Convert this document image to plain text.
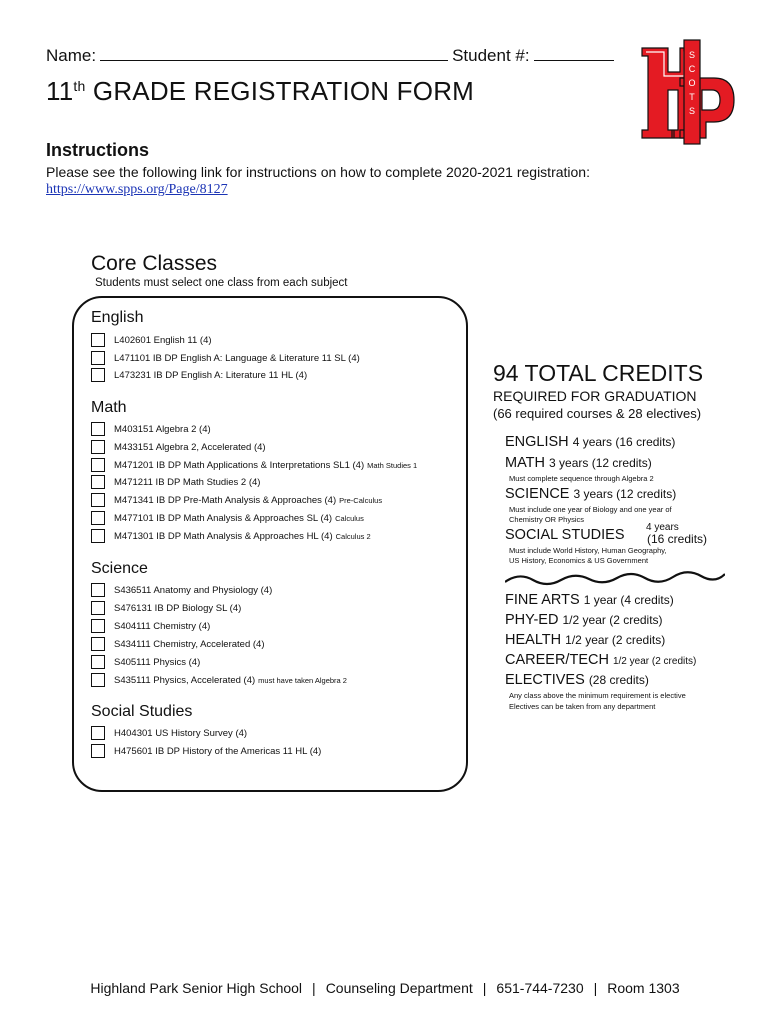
Name:	Student #:
11th GRADE REGISTRATION FORM
S
C
O
T
S
Instructions
Please see the following link for instructions on how to complete 2020-2021 registration:
https://www.spps.org/Page/8127
Core Classes
Students must select one class from each subject
English
L402601 English 11 (4)
L471101 IB DP English A: Language & Literature 11 SL (4)
L473231 IB DP English A: Literature 11 HL (4)
Math
M403151 Algebra 2 (4)
M433151 Algebra 2, Accelerated (4)
M471201 IB DP Math Applications & Interpretations SL1 (4) Math Studies 1
M471211 IB DP Math Studies 2 (4)
M471341 IB DP Pre-Math Analysis & Approaches (4) Pre-Calculus
M477101 IB DP Math Analysis & Approaches SL (4) Calculus
M471301 IB DP Math Analysis & Approaches HL (4) Calculus 2
Science
S436511 Anatomy and Physiology (4)
S476131 IB DP Biology SL (4)
S404111 Chemistry (4)
S434111 Chemistry, Accelerated (4)
S405111 Physics (4)
S435111 Physics, Accelerated (4) must have taken Algebra 2
Social Studies
H404301 US History Survey (4)
H475601 IB DP History of the Americas 11 HL (4)
94 TOTAL CREDITS
REQUIRED FOR GRADUATION
(66 required courses & 28 electives)
ENGLISH 4 years (16 credits)
MATH 3 years (12 credits)
Must complete sequence through Algebra 2
SCIENCE 3 years (12 credits)
Must include one year of Biology and one year of
Chemistry OR Physics
SOCIAL STUDIES 4 years
(16 credits)
Must include World History, Human Geography,
US History, Economics & US Government
FINE ARTS 1 year (4 credits)
PHY-ED 1/2 year (2 credits)
HEALTH 1/2 year (2 credits)
CAREER/TECH 1/2 year (2 credits)
ELECTIVES (28 credits)
Any class above the minimum requirement is elective
Electives can be taken from any department
Highland Park Senior High School | Counseling Department | 651-744-7230 | Room 1303
